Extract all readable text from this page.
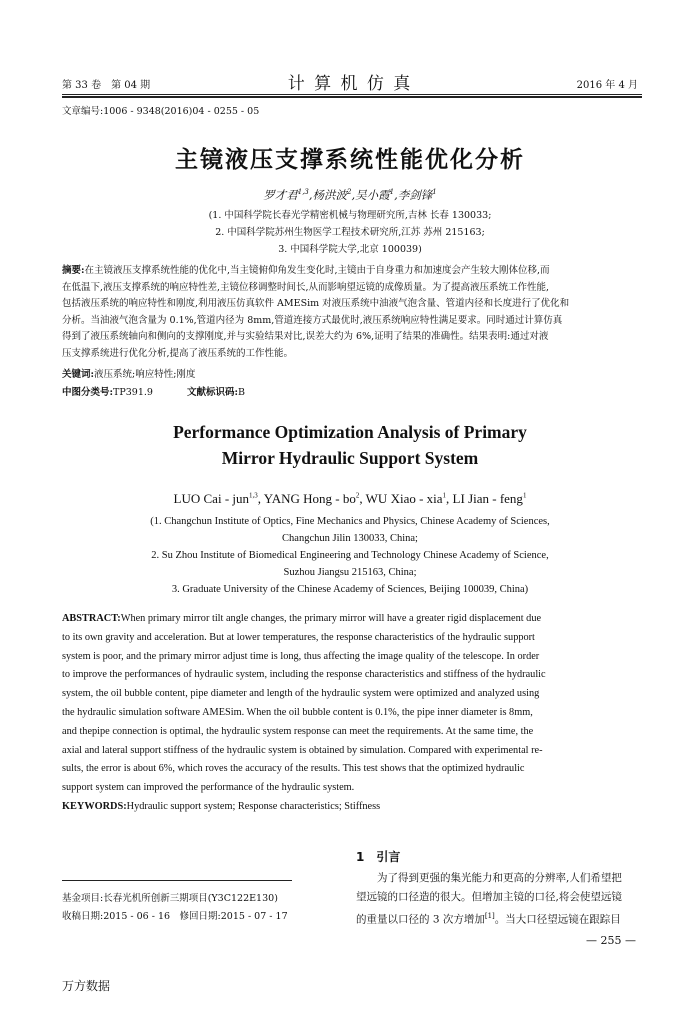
第 33 卷　第 04 期	计 算 机 仿 真	2016 年 4 月
文章编号:1006 - 9348(2016)04 - 0255 - 05
主镜液压支撑系统性能优化分析
罗才君$^{1,3}$,杨洪波$^2$,吴小霞$^1$,李剑锋$^1$
(1. 中国科学院长春光学精密机械与物理研究所,吉林 长春 130033;
2. 中国科学院苏州生物医学工程技术研究所,江苏 苏州 215163;
3. 中国科学院大学,北京 100039)
摘要:在主镜液压支撑系统性能的优化中,当主镜俯仰角发生变化时,主镜由于自身重力和加速度会产生较大刚体位移,而
在低温下,液压支撑系统的响应特性差,主镜位移调整时间长,从而影响望远镜的成像质量。为了提高液压系统工作性能,
包括液压系统的响应特性和刚度,利用液压仿真软件 AMESim 对液压系统中油液气泡含量、管道内径和长度进行了优化和
分析。当油液气泡含量为 0.1%,管道内径为 8mm,管道连接方式最优时,液压系统响应特性满足要求。同时通过计算仿真
得到了液压系统轴向和侧向的支撑刚度,并与实验结果对比,误差大约为 6%,证明了结果的准确性。结果表明:通过对液
压支撑系统进行优化分析,提高了液压系统的工作性能。
关键词:液压系统;响应特性;刚度
中图分类号:TP391.9	文献标识码:B
Performance Optimization Analysis of Primary
Mirror Hydraulic Support System
LUO Cai - jun$^{1,3}$, YANG Hong - $bo^2$, WU Xiao - xia$^1$, LI Jian - feng$^1$
(1. Changchun Institute of Optics, Fine Mechanics and Physics, Chinese Academy of Sciences,
Changchun Jilin 130033, China;
2. Su Zhou Institute of Biomedical Engineering and Technology Chinese Academy of Science,
Suzhou Jiangsu 215163, China;
3. Graduate University of the Chinese Academy of Sciences, Beijing 100039, China)
ABSTRACT:When primary mirror tilt angle changes, the primary mirror will have a greater rigid displacement due
to its own gravity and acceleration. But at lower temperatures, the response characteristics of the hydraulic support
system is poor, and the primary mirror adjust time is long, thus affecting the image quality of the telescope. In order
to improve the performances of hydraulic system, including the response characteristics and stiffness of the hydraulic
system, the oil bubble content, pipe diameter and length of the hydraulic system were optimized and analyzed using
the hydraulic simulation software AMESim. When the oil bubble content is 0.1%, the pipe inner diameter is 8mm,
and thepipe connection is optimal, the hydraulic system response can meet the requirements. At the same time, the
axial and lateral support stiffness of the hydraulic system is obtained by simulation. Compared with experimental re-
sults, the error is about 6%, which roves the accuracy of the results. This test shows that the optimized hydraulic
support system can improved the performance of the hydraulic system.
KEYWORDS:Hydraulic support system; Response characteristics; Stiffness
1　引言
为了得到更强的集光能力和更高的分辨率,人们希望把
望远镜的口径造的很大。但增加主镜的口径,将会使望远镜
的重量以口径的 3 次方增加[1]。当大口径望远镜在跟踪目
基金项目:长春光机所创新三期项目(Y3C122E130)
收稿日期:2015 - 06 - 16　修回日期:2015 - 07 - 17
— 255 —
万方数据
